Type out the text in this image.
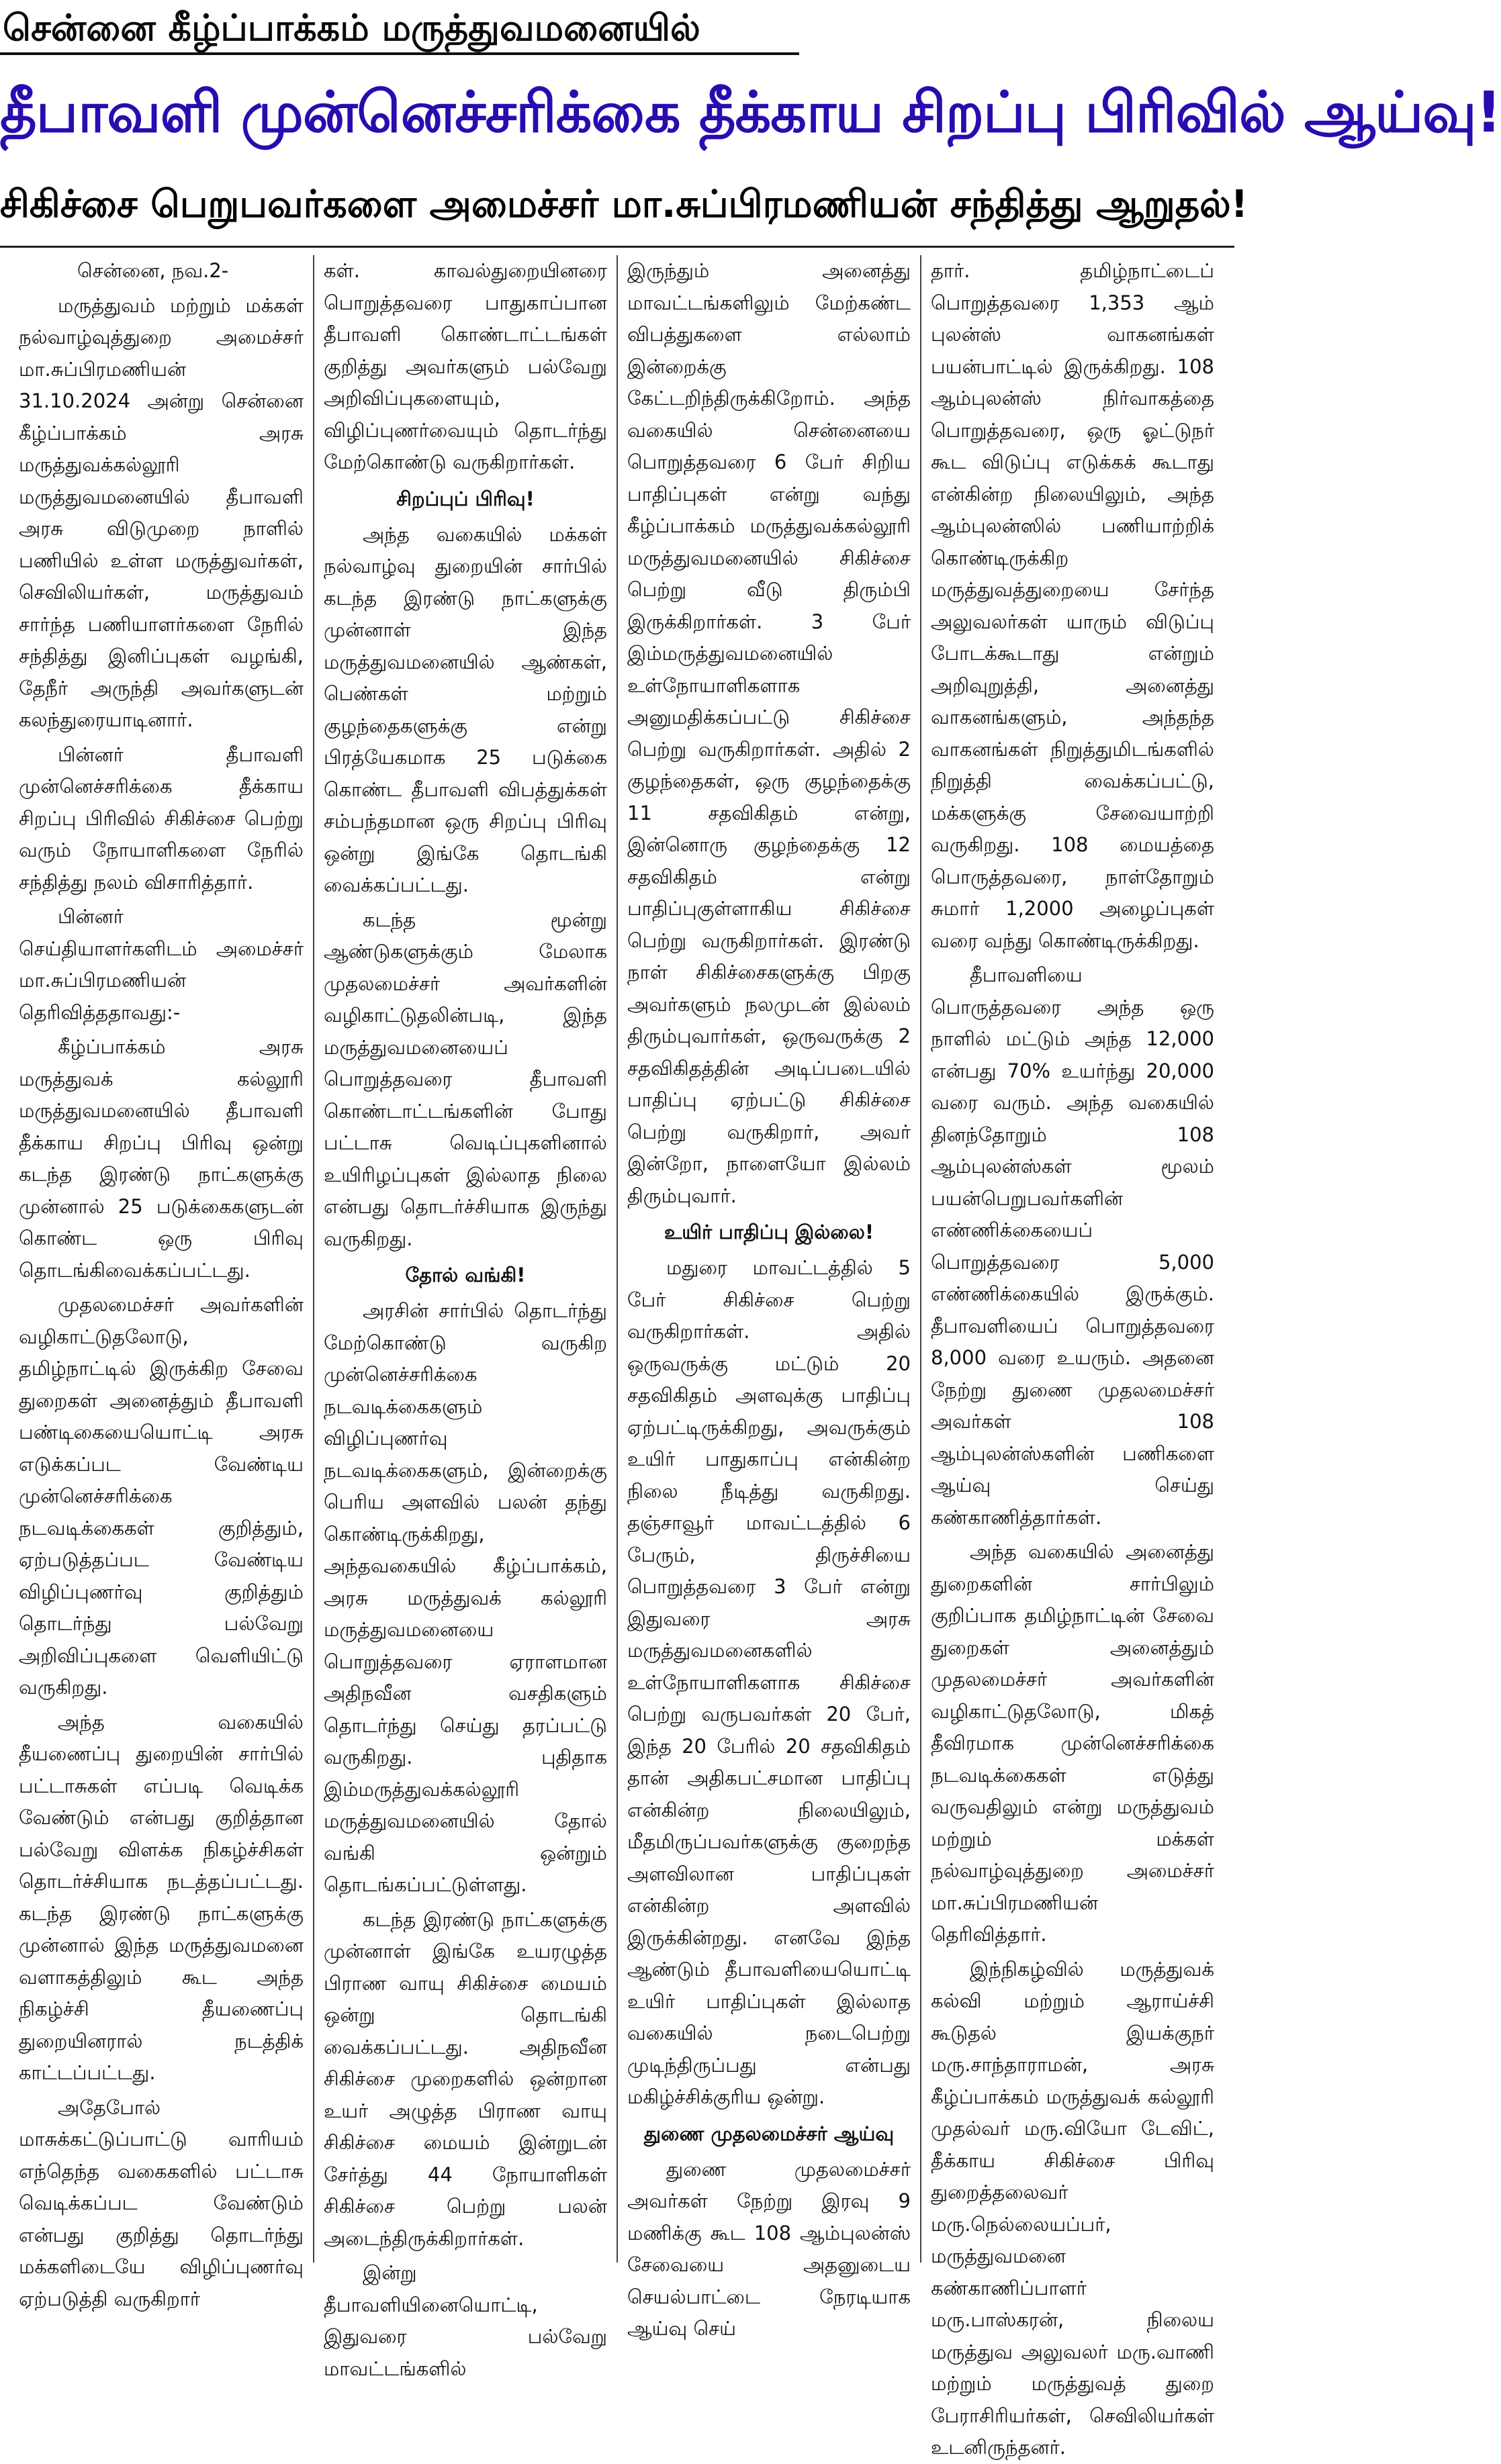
சென்னை கீழ்ப்பாக்கம் மருத்துவமனையில்
தீபாவளி முன்னெச்சரிக்கை தீக்காய சிறப்பு பிரிவில் ஆய்வு!
சிகிச்சை பெறுபவர்களை அமைச்சர் மா.சுப்பிரமணியன் சந்தித்து ஆறுதல்!

சென்னை, நவ.2-

மருத்துவம் மற்றும் மக்கள் நல்வாழ்வுத்துறை அமைச்சர் மா.சுப்பிரமணியன் 31.10.2024 அன்று சென்னை கீழ்ப்பாக்கம் அரசு மருத்துவக்கல்லூரி மருத்துவமனையில் தீபாவளி அரசு விடுமுறை நாளில் பணியில் உள்ள மருத்துவர்கள், செவிலியர்கள், மருத்துவம் சார்ந்த பணியாளர்களை நேரில் சந்தித்து இனிப்புகள் வழங்கி, தேநீர் அருந்தி அவர்களுடன் கலந்துரையாடினார்.

பின்னர் தீபாவளி முன்னெச்சரிக்கை தீக்காய சிறப்பு பிரிவில் சிகிச்சை பெற்று வரும் நோயாளிகளை நேரில் சந்தித்து நலம் விசாரித்தார்.

பின்னர் செய்தியாளர்களிடம் அமைச்சர் மா.சுப்பிரமணியன் தெரிவித்ததாவது:-

கீழ்ப்பாக்கம் அரசு மருத்துவக் கல்லூரி மருத்துவமனையில் தீபாவளி தீக்காய சிறப்பு பிரிவு ஒன்று கடந்த இரண்டு நாட்களுக்கு முன்னால் 25 படுக்கைகளுடன் கொண்ட ஒரு பிரிவு தொடங்கிவைக்கப்பட்டது.

முதலமைச்சர் அவர்களின் வழிகாட்டுதலோடு, தமிழ்நாட்டில் இருக்கிற சேவை துறைகள் அனைத்தும் தீபாவளி பண்டிகையையொட்டி அரசு எடுக்கப்பட வேண்டிய முன்னெச்சரிக்கை நடவடிக்கைகள் குறித்தும், ஏற்படுத்தப்பட வேண்டிய விழிப்புணர்வு குறித்தும் தொடர்ந்து பல்வேறு அறிவிப்புகளை வெளியிட்டு வருகிறது.

அந்த வகையில் தீயணைப்பு துறையின் சார்பில் பட்டாசுகள் எப்படி வெடிக்க வேண்டும் என்பது குறித்தான பல்வேறு விளக்க நிகழ்ச்சிகள் தொடர்ச்சியாக நடத்தப்பட்டது. கடந்த இரண்டு நாட்களுக்கு முன்னால் இந்த மருத்துவமனை வளாகத்திலும் கூட அந்த நிகழ்ச்சி தீயணைப்பு துறையினரால் நடத்திக் காட்டப்பட்டது.

அதேபோல் மாசுக்கட்டுப்பாட்டு வாரியம் எந்தெந்த வகைகளில் பட்டாசு வெடிக்கப்பட வேண்டும் என்பது குறித்து தொடர்ந்து மக்களிடையே விழிப்புணர்வு ஏற்படுத்தி வருகிறார்

கள். காவல்துறையினரை பொறுத்தவரை பாதுகாப்பான தீபாவளி கொண்டாட்டங்கள் குறித்து அவர்களும் பல்வேறு அறிவிப்புகளையும், விழிப்புணர்வையும் தொடர்ந்து மேற்கொண்டு வருகிறார்கள்.

சிறப்புப் பிரிவு!

அந்த வகையில் மக்கள் நல்வாழ்வு துறையின் சார்பில் கடந்த இரண்டு நாட்களுக்கு முன்னாள் இந்த மருத்துவமனையில் ஆண்கள், பெண்கள் மற்றும் குழந்தைகளுக்கு என்று பிரத்யேகமாக 25 படுக்கை கொண்ட தீபாவளி விபத்துக்கள் சம்பந்தமான ஒரு சிறப்பு பிரிவு ஒன்று இங்கே தொடங்கி வைக்கப்பட்டது.

கடந்த மூன்று ஆண்டுகளுக்கும் மேலாக முதலமைச்சர் அவர்களின் வழிகாட்டுதலின்படி, இந்த மருத்துவமனையைப் பொறுத்தவரை தீபாவளி கொண்டாட்டங்களின் போது பட்டாசு வெடிப்புகளினால் உயிரிழப்புகள் இல்லாத நிலை என்பது தொடர்ச்சியாக இருந்து வருகிறது.

தோல் வங்கி!

அரசின் சார்பில் தொடர்ந்து மேற்கொண்டு வருகிற முன்னெச்சரிக்கை நடவடிக்கைகளும் விழிப்புணர்வு நடவடிக்கைகளும், இன்றைக்கு பெரிய அளவில் பலன் தந்து கொண்டிருக்கிறது, அந்தவகையில் கீழ்ப்பாக்கம், அரசு மருத்துவக் கல்லூரி மருத்துவமனையை பொறுத்தவரை ஏராளமான அதிநவீன வசதிகளும் தொடர்ந்து செய்து தரப்பட்டு வருகிறது. புதிதாக இம்மருத்துவக்கல்லூரி மருத்துவமனையில் தோல் வங்கி ஒன்றும் தொடங்கப்பட்டுள்ளது.

கடந்த இரண்டு நாட்களுக்கு முன்னாள் இங்கே உயரழுத்த பிராண வாயு சிகிச்சை மையம் ஒன்று தொடங்கி வைக்கப்பட்டது. அதிநவீன சிகிச்சை முறைகளில் ஒன்றான உயர் அழுத்த பிராண வாயு சிகிச்சை மையம் இன்றுடன் சேர்த்து 44 நோயாளிகள் சிகிச்சை பெற்று பலன் அடைந்திருக்கிறார்கள்.

இன்று தீபாவளியினையொட்டி, இதுவரை பல்வேறு மாவட்டங்களில்

இருந்தும் அனைத்து மாவட்டங்களிலும் மேற்கண்ட விபத்துகளை எல்லாம் இன்றைக்கு கேட்டறிந்திருக்கிறோம். அந்த வகையில் சென்னையை பொறுத்தவரை 6 பேர் சிறிய பாதிப்புகள் என்று வந்து கீழ்ப்பாக்கம் மருத்துவக்கல்லூரி மருத்துவமனையில் சிகிச்சை பெற்று வீடு திரும்பி இருக்கிறார்கள். 3 பேர் இம்மருத்துவமனையில் உள்நோயாளிகளாக அனுமதிக்கப்பட்டு சிகிச்சை பெற்று வருகிறார்கள். அதில் 2 குழந்தைகள், ஒரு குழந்தைக்கு 11 சதவிகிதம் என்று, இன்னொரு குழந்தைக்கு 12 சதவிகிதம் என்று பாதிப்புகுள்ளாகிய சிகிச்சை பெற்று வருகிறார்கள். இரண்டு நாள் சிகிச்சைகளுக்கு பிறகு அவர்களும் நலமுடன் இல்லம் திரும்புவார்கள், ஒருவருக்கு 2 சதவிகிதத்தின் அடிப்படையில் பாதிப்பு ஏற்பட்டு சிகிச்சை பெற்று வருகிறார், அவர் இன்றோ, நாளையோ இல்லம் திரும்புவார்.

உயிர் பாதிப்பு இல்லை!

மதுரை மாவட்டத்தில் 5 பேர் சிகிச்சை பெற்று வருகிறார்கள். அதில் ஒருவருக்கு மட்டும் 20 சதவிகிதம் அளவுக்கு பாதிப்பு ஏற்பட்டிருக்கிறது, அவருக்கும் உயிர் பாதுகாப்பு என்கின்ற நிலை நீடித்து வருகிறது. தஞ்சாவூர் மாவட்டத்தில் 6 பேரும், திருச்சியை பொறுத்தவரை 3 பேர் என்று இதுவரை அரசு மருத்துவமனைகளில் உள்நோயாளிகளாக சிகிச்சை பெற்று வருபவர்கள் 20 பேர், இந்த 20 பேரில் 20 சதவிகிதம் தான் அதிகபட்சமான பாதிப்பு என்கின்ற நிலையிலும், மீதமிருப்பவர்களுக்கு குறைந்த அளவிலான பாதிப்புகள் என்கின்ற அளவில் இருக்கின்றது. எனவே இந்த ஆண்டும் தீபாவளியையொட்டி உயிர் பாதிப்புகள் இல்லாத வகையில் நடைபெற்று முடிந்திருப்பது என்பது மகிழ்ச்சிக்குரிய ஒன்று.

துணை முதலமைச்சர் ஆய்வு

துணை முதலமைச்சர் அவர்கள் நேற்று இரவு 9 மணிக்கு கூட 108 ஆம்புலன்ஸ் சேவையை அதனுடைய செயல்பாட்டை நேரடியாக ஆய்வு செய்

தார். தமிழ்நாட்டைப் பொறுத்தவரை 1,353 ஆம் புலன்ஸ் வாகனங்கள் பயன்பாட்டில் இருக்கிறது. 108 ஆம்புலன்ஸ் நிர்வாகத்தை பொறுத்தவரை, ஒரு ஓட்டுநர் கூட விடுப்பு எடுக்கக் கூடாது என்கின்ற நிலையிலும், அந்த ஆம்புலன்ஸில் பணியாற்றிக் கொண்டிருக்கிற மருத்துவத்துறையை சேர்ந்த அலுவலர்கள் யாரும் விடுப்பு போடக்கூடாது என்றும் அறிவுறுத்தி, அனைத்து வாகனங்களும், அந்தந்த வாகனங்கள் நிறுத்துமிடங்களில் நிறுத்தி வைக்கப்பட்டு, மக்களுக்கு சேவையாற்றி வருகிறது. 108 மையத்தை பொருத்தவரை, நாள்தோறும் சுமார் 1,2000 அழைப்புகள் வரை வந்து கொண்டிருக்கிறது.

தீபாவளியை பொருத்தவரை அந்த ஒரு நாளில் மட்டும் அந்த 12,000 என்பது 70% உயர்ந்து 20,000 வரை வரும். அந்த வகையில் தினந்தோறும் 108 ஆம்புலன்ஸ்கள் மூலம் பயன்பெறுபவர்களின் எண்ணிக்கையைப் பொறுத்தவரை 5,000 எண்ணிக்கையில் இருக்கும். தீபாவளியைப் பொறுத்தவரை 8,000 வரை உயரும். அதனை நேற்று துணை முதலமைச்சர் அவர்கள் 108 ஆம்புலன்ஸ்களின் பணிகளை ஆய்வு செய்து கண்காணித்தார்கள்.

அந்த வகையில் அனைத்து துறைகளின் சார்பிலும் குறிப்பாக தமிழ்நாட்டின் சேவை துறைகள் அனைத்தும் முதலமைச்சர் அவர்களின் வழிகாட்டுதலோடு, மிகத் தீவிரமாக முன்னெச்சரிக்கை நடவடிக்கைகள் எடுத்து வருவதிலும் என்று மருத்துவம் மற்றும் மக்கள் நல்வாழ்வுத்துறை அமைச்சர் மா.சுப்பிரமணியன் தெரிவித்தார்.

இந்நிகழ்வில் மருத்துவக் கல்வி மற்றும் ஆராய்ச்சி கூடுதல் இயக்குநர் மரு.சாந்தாராமன், அரசு கீழ்ப்பாக்கம் மருத்துவக் கல்லூரி முதல்வர் மரு.வியோ டேவிட், தீக்காய சிகிச்சை பிரிவு துறைத்தலைவர் மரு.நெல்லையப்பர், மருத்துவமனை கண்காணிப்பாளர் மரு.பாஸ்கரன், நிலைய மருத்துவ அலுவலர் மரு.வாணி மற்றும் மருத்துவத் துறை பேராசிரியர்கள், செவிலியர்கள் உடனிருந்தனர்.
